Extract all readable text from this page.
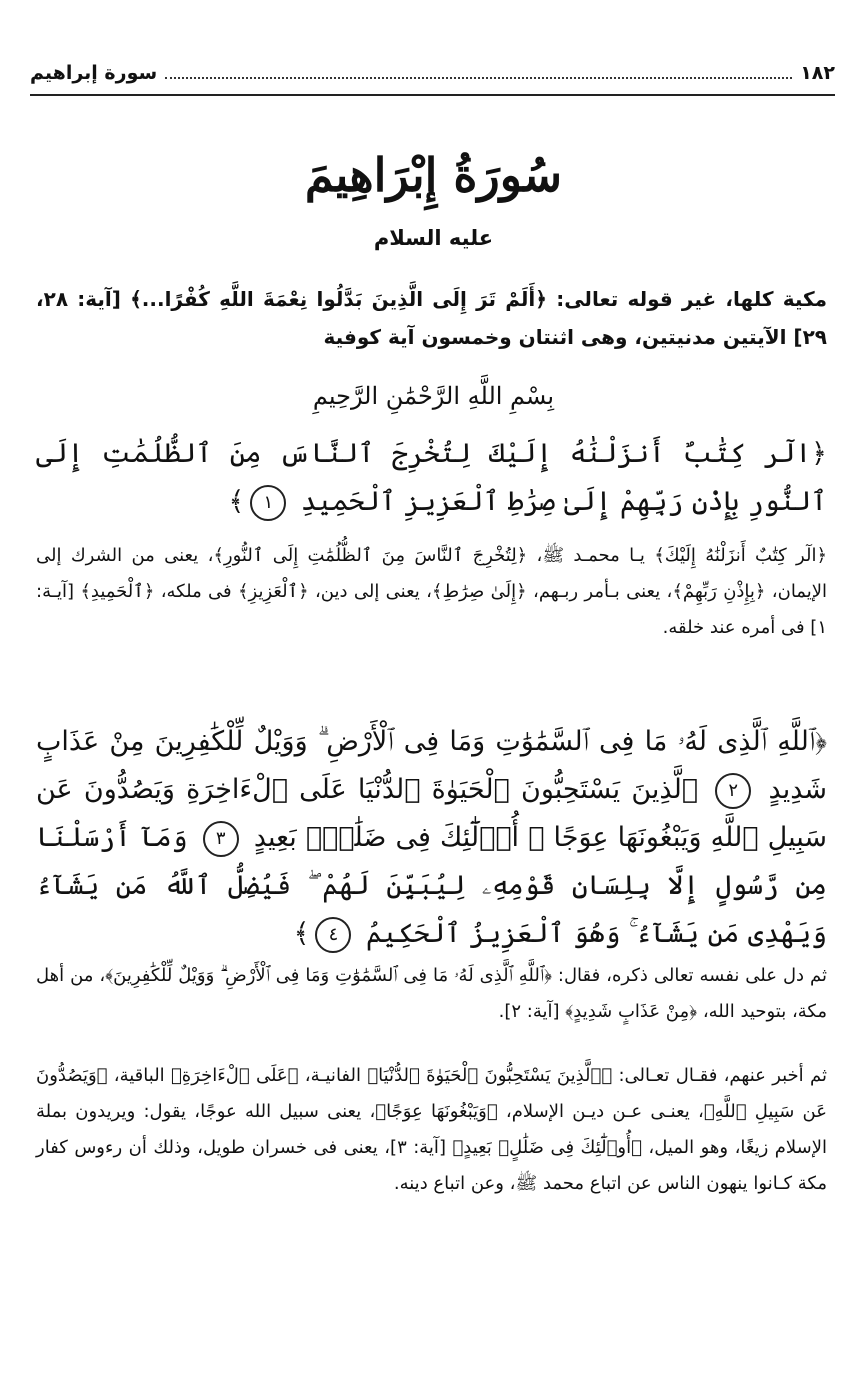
١٨٢
سورة إبراهيم
سُورَةُ إِبْرَاهِيمَ
عليه السلام
مكية كلها، غير قوله تعالى: ﴿أَلَمْ تَرَ إِلَى الَّذِينَ بَدَّلُوا نِعْمَةَ اللَّهِ كُفْرًا...﴾ [آية: ٢٨، ٢٩] الآيتين مدنيتين، وهى اثنتان وخمسون آية كوفية
بِسْمِ اللَّهِ الرَّحْمَٰنِ الرَّحِيمِ
﴿الٓر كِتَٰبٌ أَنزَلْنَٰهُ إِلَيْكَ لِتُخْرِجَ ٱلنَّاسَ مِنَ ٱلظُّلُمَٰتِ إِلَى ٱلنُّورِ بِإِذْنِ رَبِّهِمْ إِلَىٰ صِرَٰطِ ٱلْعَزِيزِ ٱلْحَمِيدِ ١﴾
﴿الٓر كِتَٰبٌ أَنزَلْنَٰهُ إِلَيْكَ﴾ يـا محمـد ﷺ، ﴿لِتُخْرِجَ ٱلنَّاسَ مِنَ ٱلظُّلُمَٰتِ إِلَى ٱلنُّورِ﴾، يعنى من الشرك إلى الإيمان، ﴿بِإِذْنِ رَبِّهِمْ﴾، يعنى بـأمر ربـهم، ﴿إِلَىٰ صِرَٰطِ﴾، يعنى إلى دين، ﴿ٱلْعَزِيزِ﴾ فى ملكه، ﴿ٱلْحَمِيدِ﴾ [آيـة: ١] فى أمره عند خلقه.
﴿ٱللَّهِ ٱلَّذِى لَهُۥ مَا فِى ٱلسَّمَٰوَٰتِ وَمَا فِى ٱلْأَرْضِ ۗ وَوَيْلٌ لِّلْكَٰفِرِينَ مِنْ عَذَابٍ شَدِيدٍ ٢ ٱلَّذِينَ يَسْتَحِبُّونَ ٱلْحَيَوٰةَ ٱلدُّنْيَا عَلَى ٱلْءَاخِرَةِ وَيَصُدُّونَ عَن سَبِيلِ ٱللَّهِ وَيَبْغُونَهَا عِوَجًا ۚ أُو۟لَٰٓئِكَ فِى ضَلَٰلٍۭ بَعِيدٍ ٣ وَمَآ أَرْسَلْنَا مِن رَّسُولٍ إِلَّا بِلِسَانِ قَوْمِهِۦ لِيُبَيِّنَ لَهُمْ ۖ فَيُضِلُّ ٱللَّهُ مَن يَشَآءُ وَيَهْدِى مَن يَشَآءُ ۚ وَهُوَ ٱلْعَزِيزُ ٱلْحَكِيمُ ٤﴾
ثم دل على نفسه تعالى ذكره، فقال: ﴿ٱللَّهِ ٱلَّذِى لَهُۥ مَا فِى ٱلسَّمَٰوَٰتِ وَمَا فِى ٱلْأَرْضِ ۗ وَوَيْلٌ لِّلْكَٰفِرِينَ﴾، من أهل مكة، بتوحيد الله، ﴿مِنْ عَذَابٍ شَدِيدٍ﴾ [آية: ٢].
ثم أخبر عنهم، فقـال تعـالى: ﴿ٱلَّذِينَ يَسْتَحِبُّونَ ٱلْحَيَوٰةَ ٱلدُّنْيَا﴾ الفانيـة، ﴿عَلَى ٱلْءَاخِرَةِ﴾ الباقية، ﴿وَيَصُدُّونَ عَن سَبِيلِ ٱللَّهِ﴾، يعنـى عـن ديـن الإسلام، ﴿وَيَبْغُونَهَا عِوَجًا﴾، يعنى سبيل الله عوجًا، يقول: ويريدون بملة الإسلام زيغًا، وهو الميل، ﴿أُو۟لَٰٓئِكَ فِى ضَلَٰلٍۭ بَعِيدٍ﴾ [آية: ٣]، يعنى فى خسران طويل، وذلك أن رءوس كفار مكة كـانوا ينهون الناس عن اتباع محمد ﷺ، وعن اتباع دينه.
